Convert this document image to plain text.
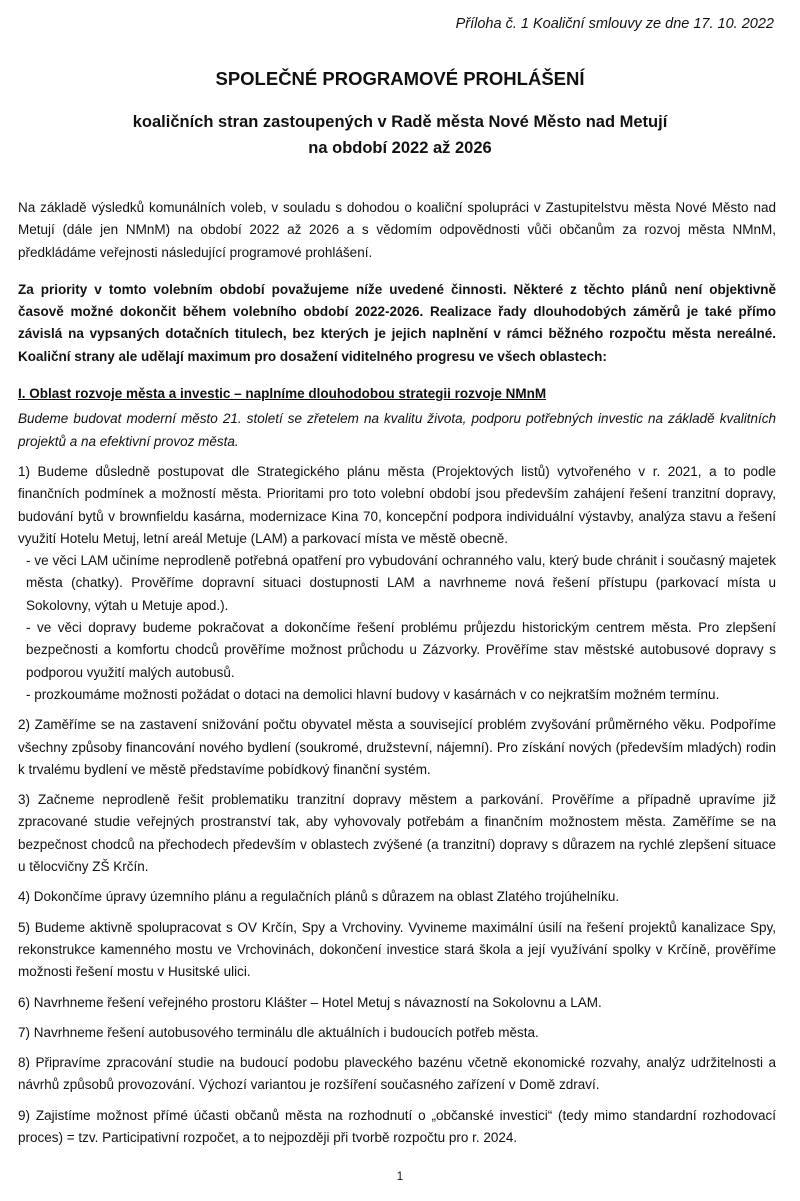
Příloha č. 1 Koaliční smlouvy ze dne 17. 10. 2022
SPOLEČNÉ PROGRAMOVÉ PROHLÁŠENÍ
koaličních stran zastoupených v Radě města Nové Město nad Metují
na období 2022 až 2026

Na základě výsledků komunálních voleb, v souladu s dohodou o koaliční spolupráci v Zastupitelstvu města Nové Město nad Metují (dále jen NMnM) na období 2022 až 2026 a s vědomím odpovědnosti vůči občanům za rozvoj města NMnM, předkládáme veřejnosti následující programové prohlášení.

Za priority v tomto volebním období považujeme níže uvedené činnosti. Některé z těchto plánů není objektivně časově možné dokončit během volebního období 2022-2026. Realizace řady dlouhodobých záměrů je také přímo závislá na vypsaných dotačních titulech, bez kterých je jejich naplnění v rámci běžného rozpočtu města nereálné. Koaliční strany ale udělají maximum pro dosažení viditelného progresu ve všech oblastech:

I. Oblast rozvoje města a investic – naplníme dlouhodobou strategii rozvoje NMnM

Budeme budovat moderní město 21. století se zřetelem na kvalitu života, podporu potřebných investic na základě kvalitních projektů a na efektivní provoz města.

1) Budeme důsledně postupovat dle Strategického plánu města (Projektových listů) vytvořeného v r. 2021, a to podle finančních podmínek a možností města. Prioritami pro toto volební období jsou především zahájení řešení tranzitní dopravy, budování bytů v brownfieldu kasárna, modernizace Kina 70, koncepční podpora individuální výstavby, analýza stavu a řešení využití Hotelu Metuj, letní areál Metuje (LAM) a parkovací místa ve městě obecně.

- ve věci LAM učiníme neprodleně potřebná opatření pro vybudování ochranného valu, který bude chránit i současný majetek města (chatky). Prověříme dopravní situaci dostupnosti LAM a navrhneme nová řešení přístupu (parkovací místa u Sokolovny, výtah u Metuje apod.).

- ve věci dopravy budeme pokračovat a dokončíme řešení problému průjezdu historickým centrem města. Pro zlepšení bezpečnosti a komfortu chodců prověříme možnost průchodu u Zázvorky. Prověříme stav městské autobusové dopravy s podporou využití malých autobusů.

- prozkoumáme možnosti požádat o dotaci na demolici hlavní budovy v kasárnách v co nejkratším možném termínu.

2) Zaměříme se na zastavení snižování počtu obyvatel města a související problém zvyšování průměrného věku. Podpoříme všechny způsoby financování nového bydlení (soukromé, družstevní, nájemní). Pro získání nových (především mladých) rodin k trvalému bydlení ve městě představíme pobídkový finanční systém.

3) Začneme neprodleně řešit problematiku tranzitní dopravy městem a parkování. Prověříme a případně upravíme již zpracované studie veřejných prostranství tak, aby vyhovovaly potřebám a finančním možnostem města. Zaměříme se na bezpečnost chodců na přechodech především v oblastech zvýšené (a tranzitní) dopravy s důrazem na rychlé zlepšení situace u tělocvičny ZŠ Krčín.

4) Dokončíme úpravy územního plánu a regulačních plánů s důrazem na oblast Zlatého trojúhelníku.

5) Budeme aktivně spolupracovat s OV Krčín, Spy a Vrchoviny. Vyvineme maximální úsilí na řešení projektů kanalizace Spy, rekonstrukce kamenného mostu ve Vrchovinách, dokončení investice stará škola a její využívání spolky v Krčíně, prověříme možnosti řešení mostu v Husitské ulici.

6) Navrhneme řešení veřejného prostoru Klášter – Hotel Metuj s návazností na Sokolovnu a LAM.

7) Navrhneme řešení autobusového terminálu dle aktuálních i budoucích potřeb města.

8) Připravíme zpracování studie na budoucí podobu plaveckého bazénu včetně ekonomické rozvahy, analýz udržitelnosti a návrhů způsobů provozování. Výchozí variantou je rozšíření současného zařízení v Domě zdraví.

9) Zajistíme možnost přímé účasti občanů města na rozhodnutí o „občanské investici“ (tedy mimo standardní rozhodovací proces) = tzv. Participativní rozpočet, a to nejpozději při tvorbě rozpočtu pro r. 2024.

1
